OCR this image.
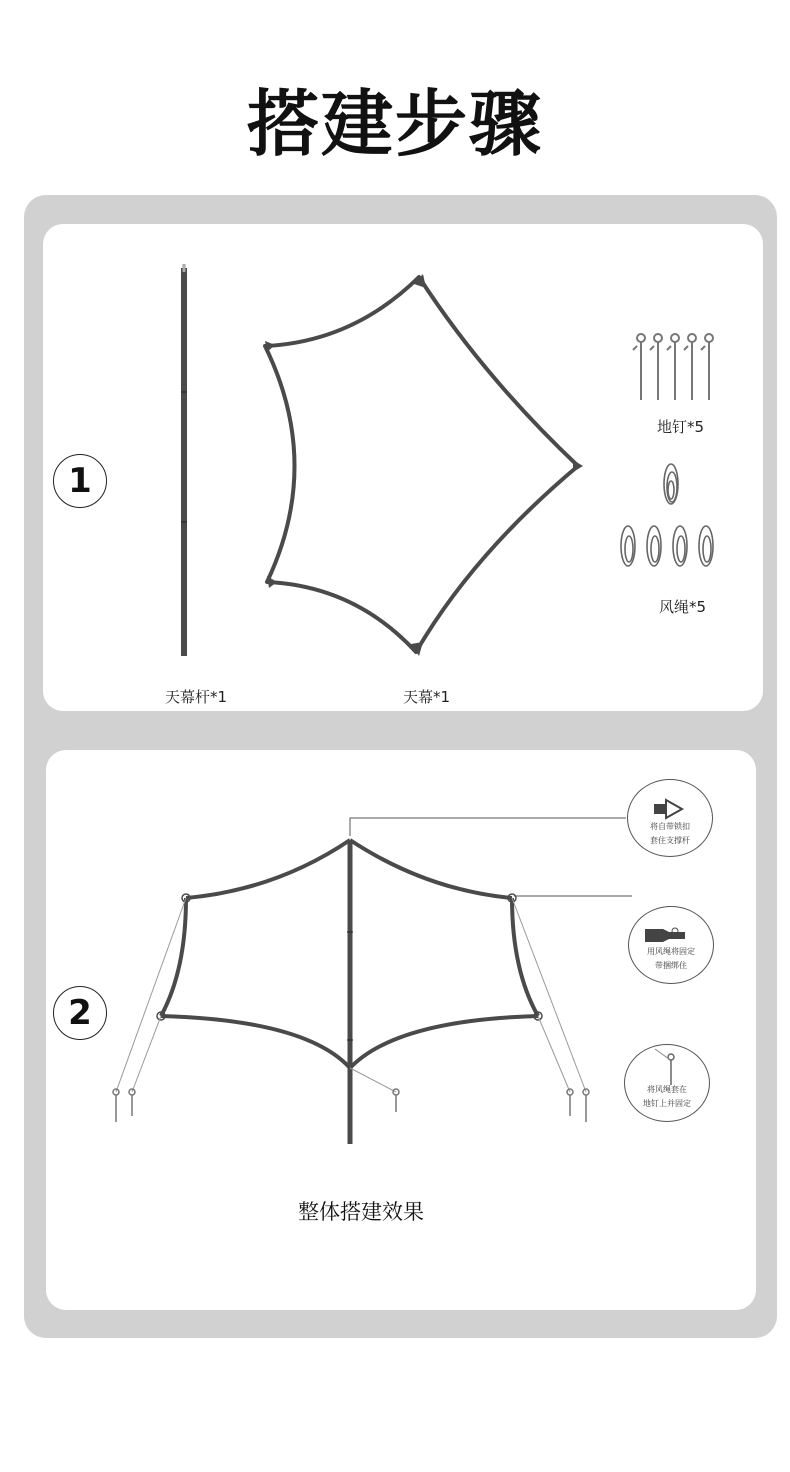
搭建步骤
1
天幕杆*1	天幕*1
地钉*5
风绳*5
2
将自带锁扣
套住支撑杆
用风绳将固定
带捆绑住
将风绳套在
地钉上并固定
整体搭建效果
